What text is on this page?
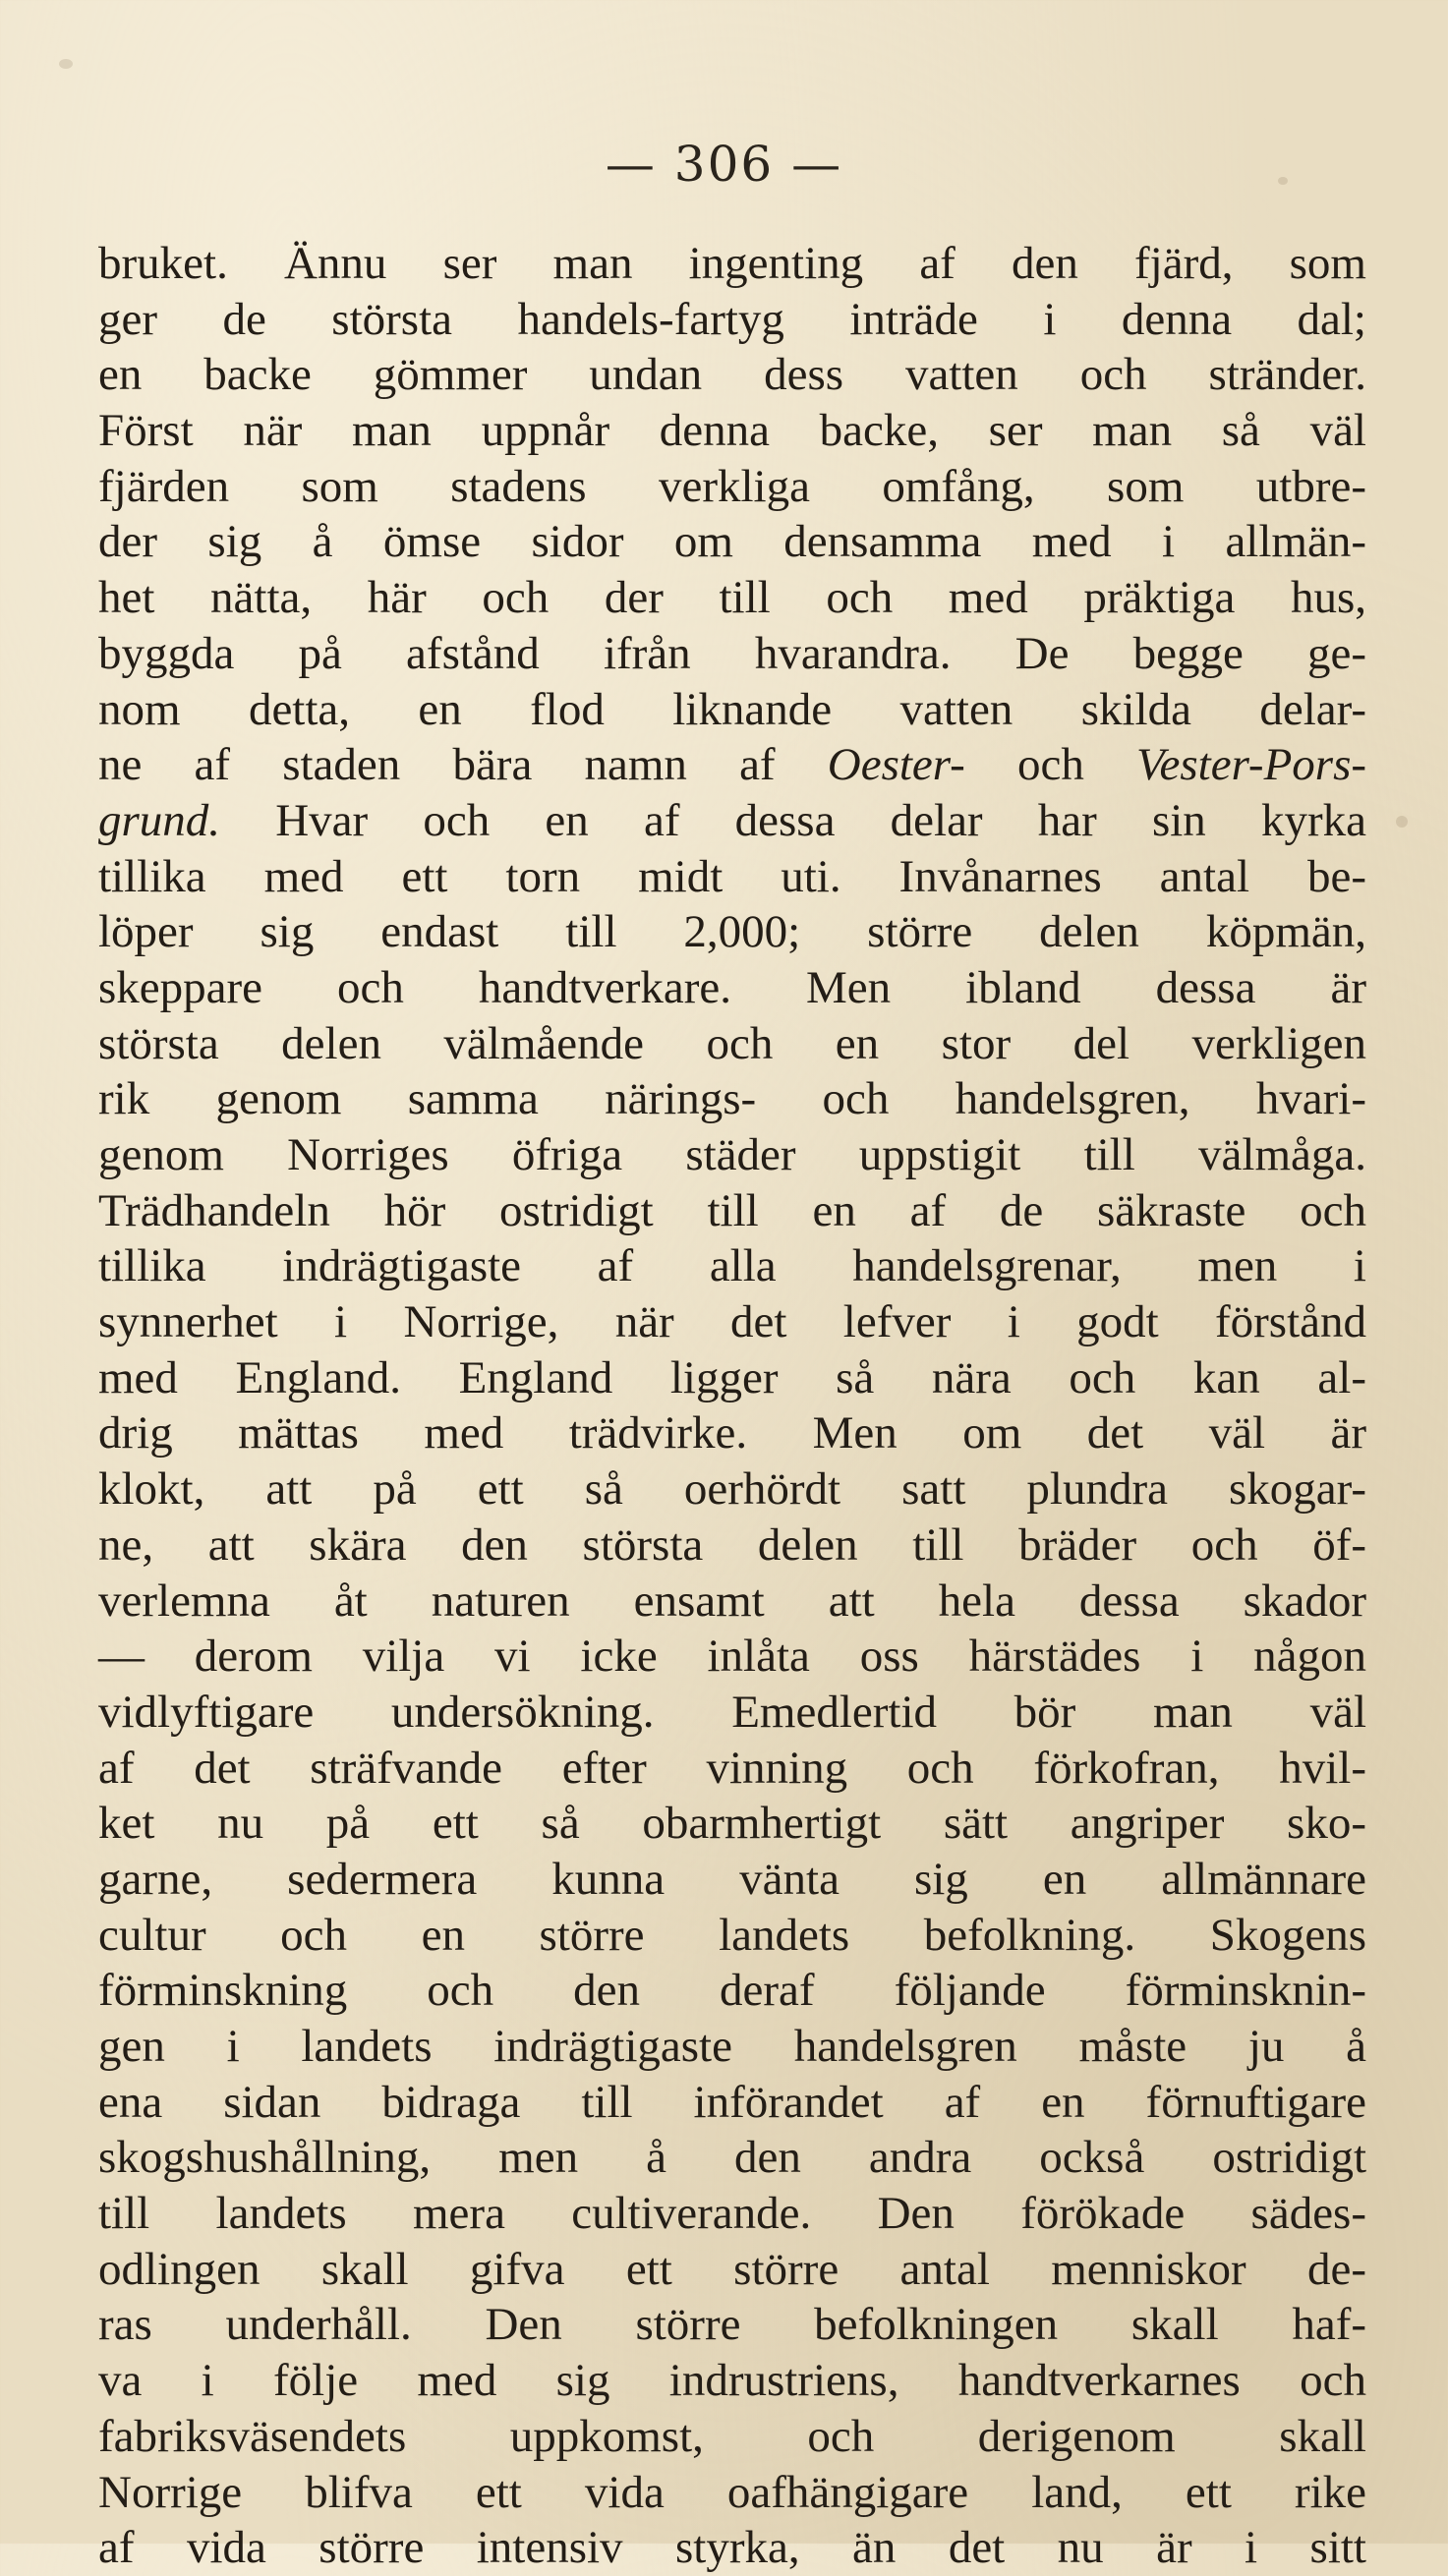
— 306 —
bruket. Ännu ser man ingenting af den fjärd, som
ger de största handels-fartyg inträde i denna dal;
en backe gömmer undan dess vatten och stränder.
Först när man uppnår denna backe, ser man så väl
fjärden som stadens verkliga omfång, som utbre-
der sig å ömse sidor om densamma med i allmän-
het nätta, här och der till och med präktiga hus,
byggda på afstånd ifrån hvarandra. De begge ge-
nom detta, en flod liknande vatten skilda delar-
ne af staden bära namn af Oester- och Vester-Pors-
grund. Hvar och en af dessa delar har sin kyrka
tillika med ett torn midt uti. Invånarnes antal be-
löper sig endast till 2,000; större delen köpmän,
skeppare och handtverkare. Men ibland dessa är
största delen välmående och en stor del verkligen
rik genom samma närings- och handelsgren, hvari-
genom Norriges öfriga städer uppstigit till välmåga.
Trädhandeln hör ostridigt till en af de säkraste och
tillika indrägtigaste af alla handelsgrenar, men i
synnerhet i Norrige, när det lefver i godt förstånd
med England. England ligger så nära och kan al-
drig mättas med trädvirke. Men om det väl är
klokt, att på ett så oerhördt satt plundra skogar-
ne, att skära den största delen till bräder och öf-
verlemna åt naturen ensamt att hela dessa skador
— derom vilja vi icke inlåta oss härstädes i någon
vidlyftigare undersökning. Emedlertid bör man väl
af det sträfvande efter vinning och förkofran, hvil-
ket nu på ett så obarmhertigt sätt angriper sko-
garne, sedermera kunna vänta sig en allmännare
cultur och en större landets befolkning. Skogens
förminskning och den deraf följande förminsknin-
gen i landets indrägtigaste handelsgren måste ju å
ena sidan bidraga till införandet af en förnuftigare
skogshushållning, men å den andra också ostridigt
till landets mera cultiverande. Den förökade sädes-
odlingen skall gifva ett större antal menniskor de-
ras underhåll. Den större befolkningen skall haf-
va i följe med sig indrustriens, handtverkarnes och
fabriksväsendets uppkomst, och derigenom skall
Norrige blifva ett vida oafhängigare land, ett rike
af vida större intensiv styrka, än det nu är i sitt
